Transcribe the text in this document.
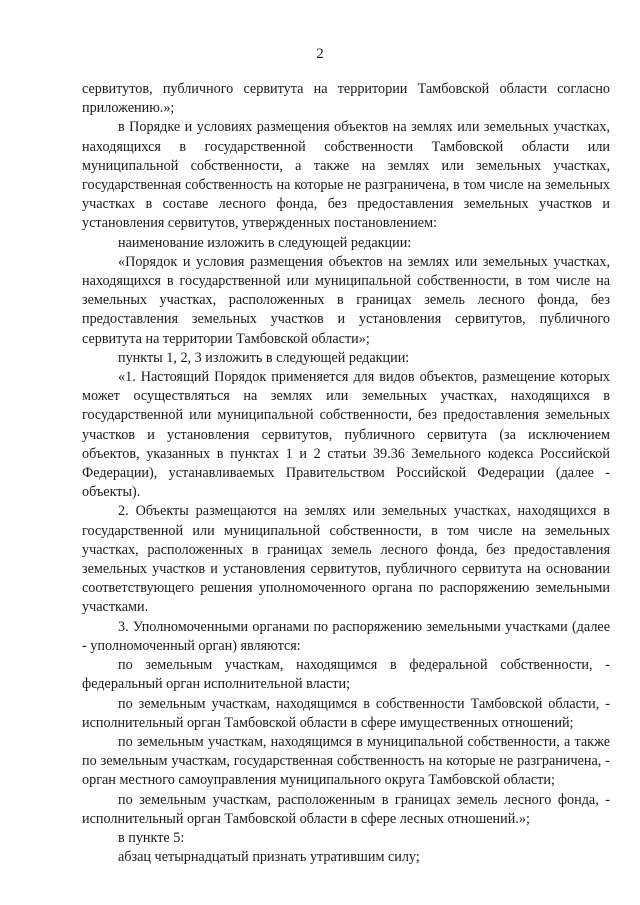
2

сервитутов, публичного сервитута на территории Тамбовской области согласно приложению.»;

в Порядке и условиях размещения объектов на землях или земельных участках, находящихся в государственной собственности Тамбовской области или муниципальной собственности, а также на землях или земельных участках, государственная собственность на которые не разграничена, в том числе на земельных участках в составе лесного фонда, без предоставления земельных участков и установления сервитутов, утвержденных постановлением:

наименование изложить в следующей редакции:

«Порядок и условия размещения объектов на землях или земельных участках, находящихся в государственной или муниципальной собственности, в том числе на земельных участках, расположенных в границах земель лесного фонда, без предоставления земельных участков и установления сервитутов, публичного сервитута на территории Тамбовской области»;

пункты 1, 2, 3 изложить в следующей редакции:

«1. Настоящий Порядок применяется для видов объектов, размещение которых может осуществляться на землях или земельных участках, находящихся в государственной или муниципальной собственности, без предоставления земельных участков и установления сервитутов, публичного сервитута (за исключением объектов, указанных в пунктах 1 и 2 статьи 39.36 Земельного кодекса Российской Федерации), устанавливаемых Правительством Российской Федерации (далее - объекты).

2. Объекты размещаются на землях или земельных участках, находящихся в государственной или муниципальной собственности, в том числе на земельных участках, расположенных в границах земель лесного фонда, без предоставления земельных участков и установления сервитутов, публичного сервитута на основании соответствующего решения уполномоченного органа по распоряжению земельными участками.

3. Уполномоченными органами по распоряжению земельными участками (далее - уполномоченный орган) являются:

по земельным участкам, находящимся в федеральной собственности, - федеральный орган исполнительной власти;

по земельным участкам, находящимся в собственности Тамбовской области, - исполнительный орган Тамбовской области в сфере имущественных отношений;

по земельным участкам, находящимся в муниципальной собственности, а также по земельным участкам, государственная собственность на которые не разграничена, - орган местного самоуправления муниципального округа Тамбовской области;

по земельным участкам, расположенным в границах земель лесного фонда, - исполнительный орган Тамбовской области в сфере лесных отношений.»;

в пункте 5:

абзац четырнадцатый признать утратившим силу;
